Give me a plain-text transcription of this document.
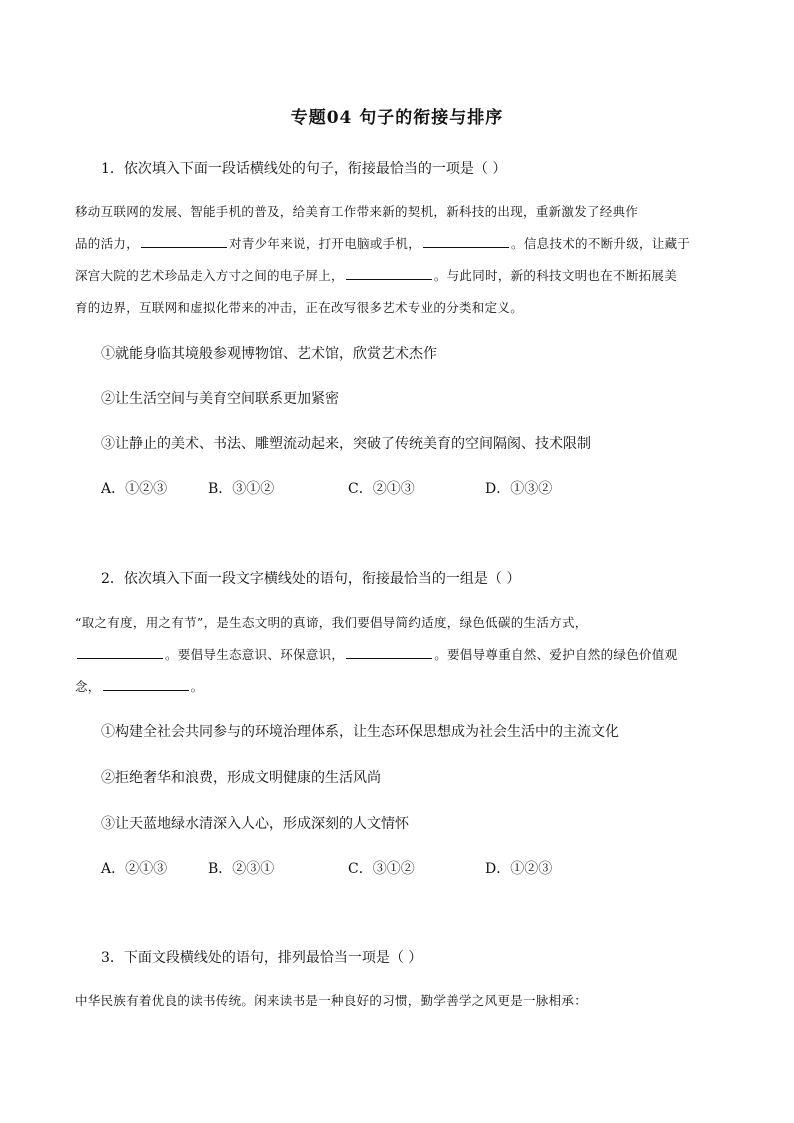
专题04 句子的衔接与排序
1．依次填入下面一段话横线处的句子，衔接最恰当的一项是（ ）
移动互联网的发展、智能手机的普及，给美育工作带来新的契机，新科技的出现，重新激发了经典作
品的活力，	对青少年来说，打开电脑或手机，	。信息技术的不断升级，让藏于
深宫大院的艺术珍品走入方寸之间的电子屏上，	。与此同时，新的科技文明也在不断拓展美
育的边界，互联网和虚拟化带来的冲击，正在改写很多艺术专业的分类和定义。
①就能身临其境般参观博物馆、艺术馆，欣赏艺术杰作
②让生活空间与美育空间联系更加紧密
③让静止的美术、书法、雕塑流动起来，突破了传统美育的空间隔阂、技术限制
A．①②③	B．③①②	C．②①③	D．①③②
2．依次填入下面一段文字横线处的语句，衔接最恰当的一组是（ ）
“取之有度，用之有节”，是生态文明的真谛，我们要倡导简约适度，绿色低碳的生活方式，
。要倡导生态意识、环保意识，	。要倡导尊重自然、爱护自然的绿色价值观
念，	。
①构建全社会共同参与的环境治理体系，让生态环保思想成为社会生活中的主流文化
②拒绝奢华和浪费，形成文明健康的生活风尚
③让天蓝地绿水清深入人心，形成深刻的人文情怀
A．②①③	B．②③①	C．③①②	D．①②③
3．下面文段横线处的语句，排列最恰当一项是（ ）
中华民族有着优良的读书传统。闲来读书是一种良好的习惯，勤学善学之风更是一脉相承：
